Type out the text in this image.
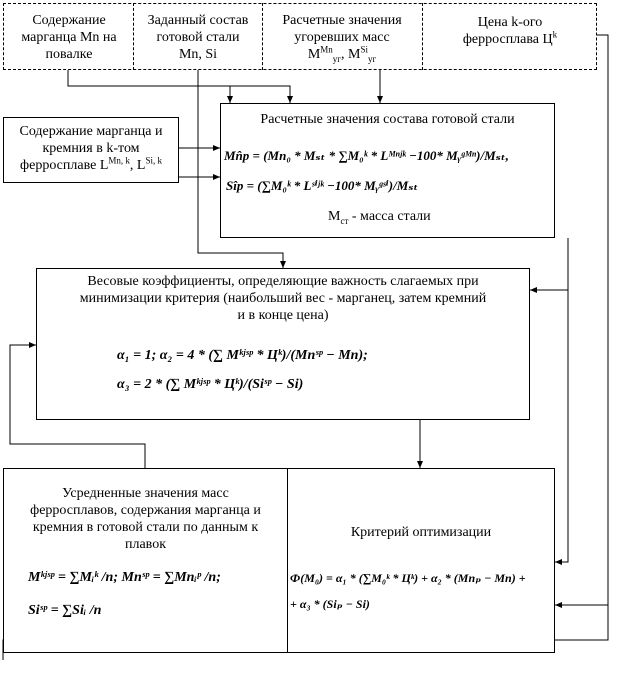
Содержание марганца Mn на повалке
Заданный состав
готовой стали
Mn, Si
Расчетные значения
угоревших масс
$M^{Mn}_{уг}$, $M^{Si}_{уг}$
Цена k-ого
ферросплава $Ц^k$
Содержание марганца и
кремния в k-том
ферросплаве $L^{Mn, k}$, $L^{Si, k}$
Расчетные значения состава готовой стали
Mn̂p = (Mn₀ * Mₛₜ * ∑M₀ᵏ * Lᴹⁿʲᵏ −100* Mᵧᵍᴹⁿ)/Mₛₜ,
Sîp = (∑M₀ᵏ * Lˢⁱʲᵏ −100* Mᵧᵍˢⁱ)/Mₛₜ
$M_{ст}$ - масса стали
Весовые коэффициенты, определяющие важность слагаемых при
минимизации критерия (наибольший вес - марганец, затем кремний
и в конце цена)
α₁ = 1; α₂ = 4 * (∑ Mᵏʲˢᵖ * Цᵏ)/(Mnˢᵖ − Mn);
α₃ = 2 * (∑ Mᵏʲˢᵖ * Цᵏ)/(Siˢᵖ − Si)
Усредненные значения масс
ферросплавов, содержания марганца и
кремния в готовой стали по данным к
плавок
Mᵏʲˢᵖ = ∑Mᵢᵏ /n; Mnˢᵖ = ∑Mnᵢᵖ /n;
Siˢᵖ = ∑Siᵢ /n
Критерий оптимизации
Ф(M₀) = α₁ * (∑M₀ᵏ * Цᵏ) + α₂ * (Mnₚ − Mn) +
+ α₃ * (Siₚ − Si)
